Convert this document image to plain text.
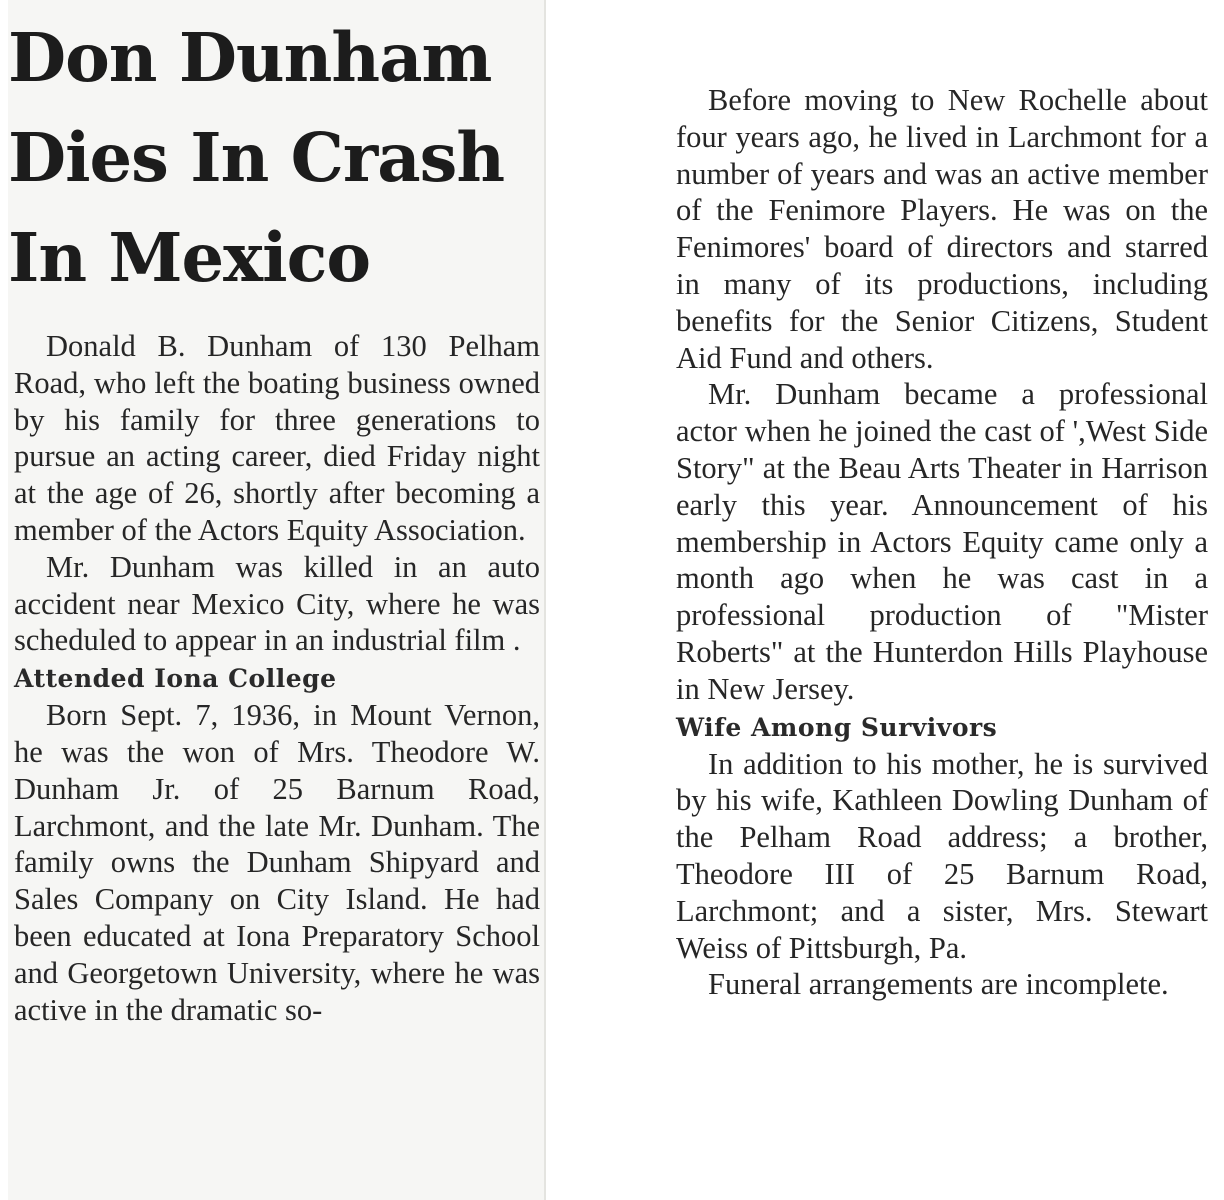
Don Dunham
Dies In Crash
In Mexico

Donald B. Dunham of 130 Pelham Road, who left the boating business owned by his family for three generations to pursue an acting career, died Friday night at the age of 26, shortly after becoming a member of the Actors Equity Association.

Mr. Dunham was killed in an auto accident near Mexico City, where he was scheduled to appear in an industrial film .

Attended Iona College

Born Sept. 7, 1936, in Mount Vernon, he was the won of Mrs. Theodore W. Dunham Jr. of 25 Barnum Road, Larchmont, and the late Mr. Dunham. The family owns the Dunham Shipyard and Sales Company on City Island. He had been educated at Iona Preparatory School and Georgetown University, where he was active in the dramatic so-

Before moving to New Rochelle about four years ago, he lived in Larchmont for a number of years and was an active member of the Fenimore Players. He was on the Fenimores' board of directors and starred in many of its productions, including benefits for the Senior Citizens, Student Aid Fund and others.

Mr. Dunham became a professional actor when he joined the cast of ',West Side Story" at the Beau Arts Theater in Harrison early this year. Announcement of his membership in Actors Equity came only a month ago when he was cast in a professional production of "Mister Roberts" at the Hunterdon Hills Playhouse in New Jersey.

Wife Among Survivors

In addition to his mother, he is survived by his wife, Kathleen Dowling Dunham of the Pelham Road address; a brother, Theodore III of 25 Barnum Road, Larchmont; and a sister, Mrs. Stewart Weiss of Pittsburgh, Pa.

Funeral arrangements are incomplete.
